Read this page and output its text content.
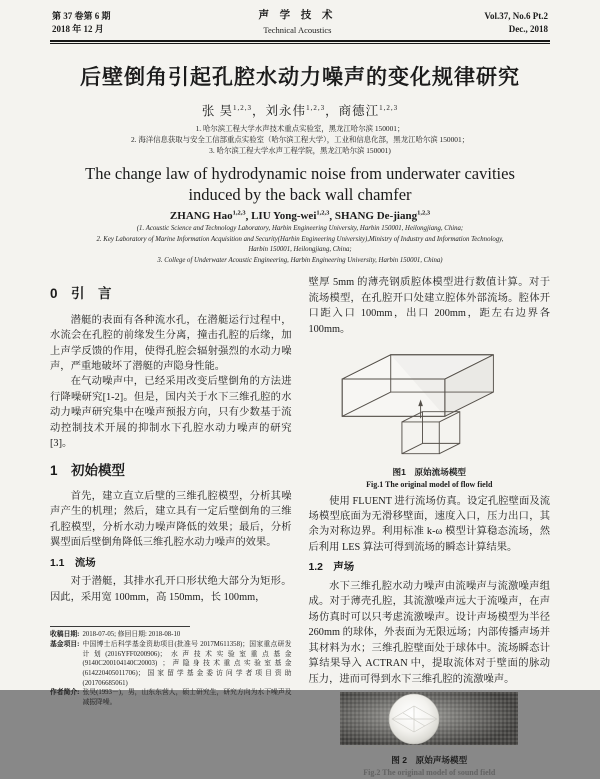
第 37 卷第 6 期
2018 年 12 月
声 学 技 术
Technical Acoustics
Vol.37, No.6 Pt.2
Dec., 2018
后壁倒角引起孔腔水动力噪声的变化规律研究
张 昊$^{1,2,3}$，刘永伟$^{1,2,3}$，商德江$^{1,2,3}$
1. 哈尔滨工程大学水声技术重点实验室，黑龙江哈尔滨 150001；
2. 海洋信息获取与安全工信部重点实验室（哈尔滨工程大学），工业和信息化部，黑龙江哈尔滨 150001；
3. 哈尔滨工程大学水声工程学院，黑龙江哈尔滨 150001)
The change law of hydrodynamic noise from underwater cavities
induced by the back wall chamfer
ZHANG Hao$^{1,2,3}$, LIU Yong-wei$^{1,2,3}$, SHANG De-jiang$^{1,2,3}$
(1. Acoustic Science and Technology Laboratory, Harbin Engineering University, Harbin 150001, Heilongjiang, China;
2. Key Laboratory of Marine Information Acquisition and Security(Harbin Engineering University),Ministry of Industry and Information Technology,
Harbin 150001, Heilongjiang, China;
3. College of Underwater Acoustic Engineering, Harbin Engineering University, Harbin 150001, China)
0　引　言

潜艇的表面有各种流水孔，在潜艇运行过程中，水流会在孔腔的前缘发生分离，撞击孔腔的后缘，加上声学反馈的作用，使得孔腔会辐射强烈的水动力噪声，严重地破坏了潜艇的声隐身性能。

在气动噪声中，已经采用改变后壁倒角的方法进行降噪研究[1-2]。但是，国内关于水下三维孔腔的水动力噪声研究集中在噪声预报方向，只有少数基于流动控制技术开展的抑制水下孔腔水动力噪声的研究[3]。

1　初始模型

首先，建立直立后壁的三维孔腔模型，分析其噪声产生的机理；然后，建立具有一定后壁倒角的三维孔腔模型，分析水动力噪声降低的效果；最后，分析翼型面后壁倒角降低三维孔腔水动力噪声的效果。

1.1　流场

对于潜艇，其排水孔开口形状绝大部分为矩形。因此，采用宽 100mm，高 150mm，长 100mm，

收稿日期: 2018-07-05; 修回日期: 2018-08-10
基金项目: 中国博士后科学基金资助项目(批准号 2017M611358)；国家重点研发计划(2016YFF0200906)；水声技术实验室重点基金(9140C200104140C20003) ；声隐身技术重点实验室基金(614220405011706)；国家留学基金委访问学者项目资助(201706685061)
作者简介: 张昊(1993－)，男，山东东营人，硕士研究生，研究方向为水下噪声及减振降噪。

壁厚 5mm 的薄壳钢质腔体模型进行数值计算。对于流场模型，在孔腔开口处建立腔体外部流场。腔体开口距入口 100mm，出口 200mm，距左右边界各 100mm。

图1　原始流场模型
Fig.1 The original model of flow field

使用 FLUENT 进行流场仿真。设定孔腔壁面及流场模型底面为无滑移壁面，速度入口，压力出口，其余为对称边界。利用标准 k-ω 模型计算稳态流场，然后利用 LES 算法可得到流场的瞬态计算结果。

1.2　声场

水下三维孔腔水动力噪声由流噪声与流激噪声组成。对于薄壳孔腔，其流激噪声远大于流噪声，在声场仿真时可以只考虑流激噪声。设计声场模型为半径 260mm 的球体，外表面为无限远场；内部传播声场并其材料为水；三维孔腔壁面处于球体中。流场瞬态计算结果导入 ACTRAN 中，提取流体对于壁面的脉动压力，进而可得到水下三维孔腔的流激噪声。

图 2　原始声场模型
Fig.2 The original model of sound field
